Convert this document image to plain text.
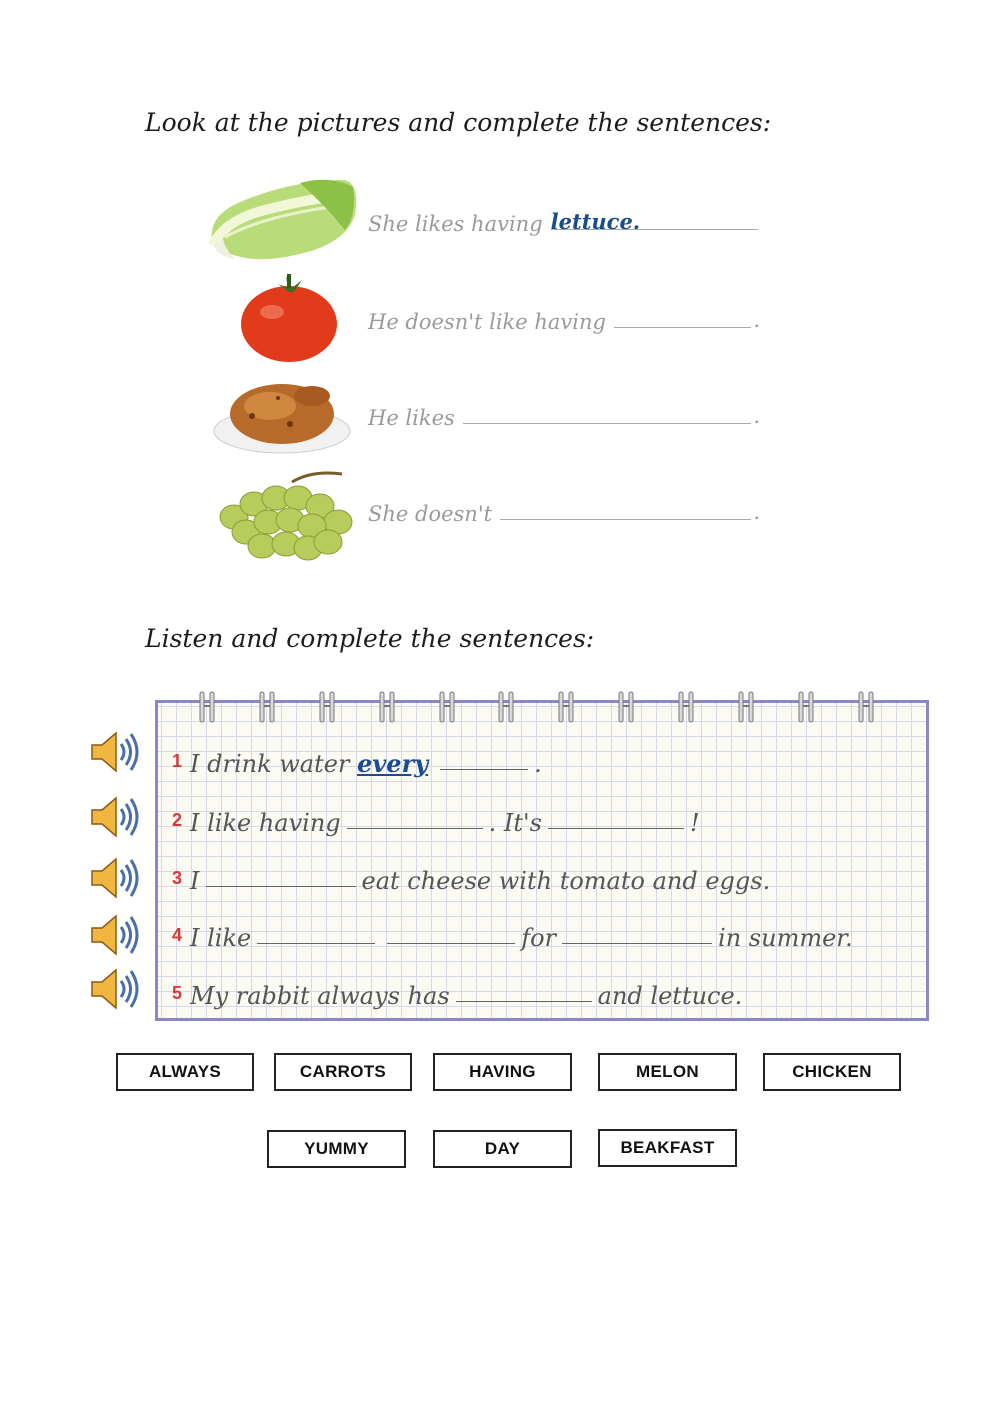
Look at the pictures and complete the sentences:
She likes having lettuce.
He doesn't like having	.
He likes	.
She doesn't	.
Listen and complete the sentences:
1 I drink water
every	.
2 I like having	. It's	!
3 I	eat cheese with tomato and eggs.
4 I like	for	in summer.
5 My rabbit always has	and lettuce.
ALWAYS	CARROTS	HAVING	MELON	CHICKEN
YUMMY	DAY	BEAKFAST
